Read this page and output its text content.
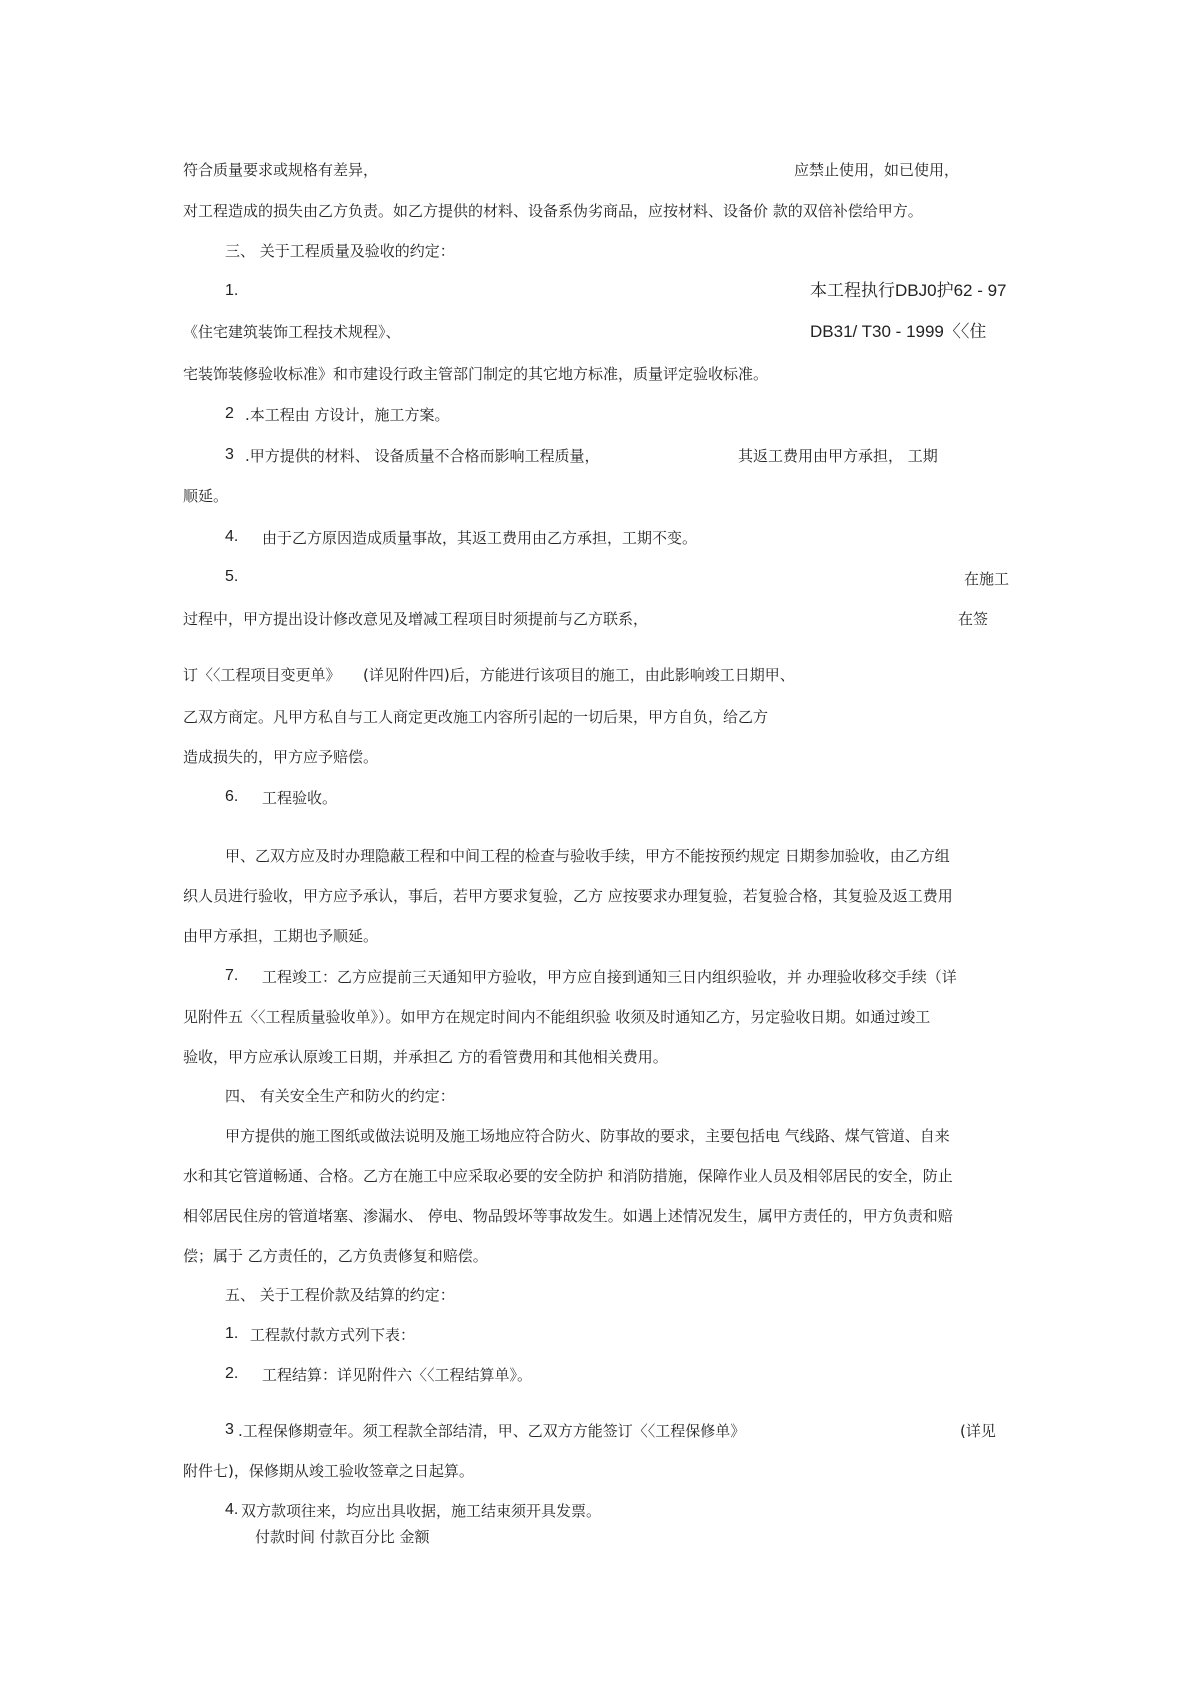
符合质量要求或规格有差异，	应禁止使用，如已使用，
对工程造成的损失由乙方负责。如乙方提供的材料、设备系伪劣商品，应按材料、设备价 款的双倍补偿给甲方。
三、 关于工程质量及验收的约定：
1.	本工程执行DBJ0护62 - 97
《住宅建筑装饰工程技术规程》、	DB31/ T30 - 1999〈〈住
宅装饰装修验收标准》和市建设行政主管部门制定的其它地方标准，质量评定验收标准。
2 .本工程由 方设计，施工方案。
3 .甲方提供的材料、 设备质量不合格而影响工程质量，	其返工费用由甲方承担， 工期
顺延。
4. 由于乙方原因造成质量事故，其返工费用由乙方承担，工期不变。
5.	在施工
过程中，甲方提出设计修改意见及增减工程项目时须提前与乙方联系，	在签
订〈〈工程项目变更单》　　(详见附件四)后，方能进行该项目的施工，由此影响竣工日期甲、
乙双方商定。凡甲方私自与工人商定更改施工内容所引起的一切后果，甲方自负，给乙方
造成损失的，甲方应予赔偿。
6. 工程验收。
甲、乙双方应及时办理隐蔽工程和中间工程的检查与验收手续，甲方不能按预约规定 日期参加验收，由乙方组
织人员进行验收，甲方应予承认，事后，若甲方要求复验，乙方 应按要求办理复验，若复验合格，其复验及返工费用
由甲方承担，工期也予顺延。
7. 工程竣工：乙方应提前三天通知甲方验收，甲方应自接到通知三日内组织验收，并 办理验收移交手续（详
见附件五〈〈工程质量验收单》）。如甲方在规定时间内不能组织验 收须及时通知乙方，另定验收日期。如通过竣工
验收，甲方应承认原竣工日期，并承担乙 方的看管费用和其他相关费用。
四、 有关安全生产和防火的约定：
甲方提供的施工图纸或做法说明及施工场地应符合防火、防事故的要求，主要包括电 气线路、煤气管道、自来
水和其它管道畅通、合格。乙方在施工中应采取必要的安全防护 和消防措施，保障作业人员及相邻居民的安全，防止
相邻居民住房的管道堵塞、渗漏水、 停电、物品毁坏等事故发生。如遇上述情况发生，属甲方责任的，甲方负责和赔
偿；属于 乙方责任的，乙方负责修复和赔偿。
五、 关于工程价款及结算的约定：
1. 工程款付款方式列下表：
2. 工程结算：详见附件六〈〈工程结算单》。
3 .工程保修期壹年。须工程款全部结清，甲、乙双方方能签订〈〈工程保修单》	(详见
附件七)，保修期从竣工验收签章之日起算。
4. 双方款项往来，均应出具收据，施工结束须开具发票。
付款时间 付款百分比 金额
